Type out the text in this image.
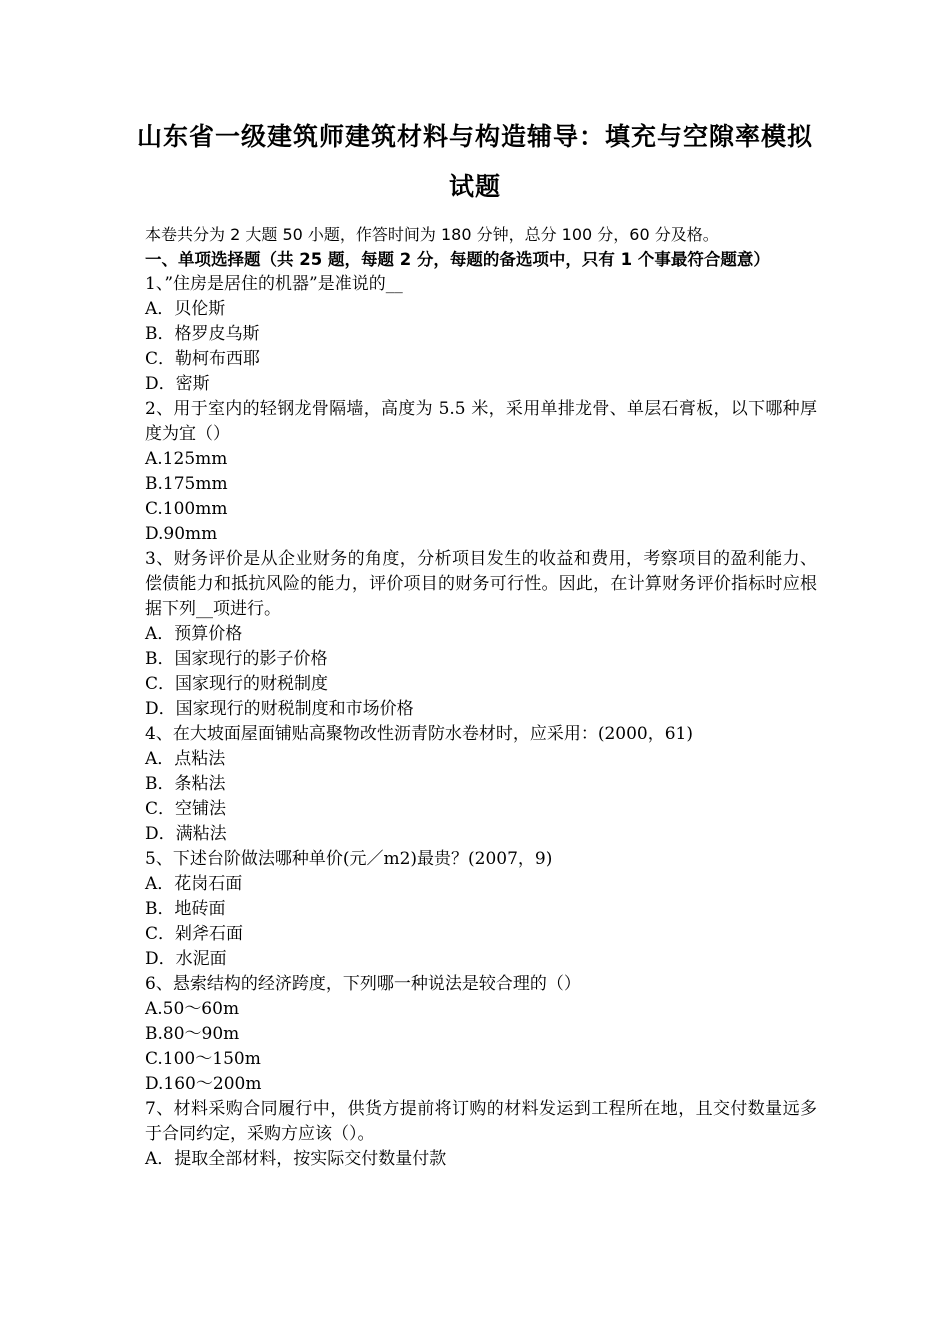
山东省一级建筑师建筑材料与构造辅导：填充与空隙率模拟
试题
本卷共分为 2 大题 50 小题，作答时间为 180 分钟，总分 100 分，60 分及格。
一、单项选择题（共 25 题，每题 2 分，每题的备选项中，只有 1 个事最符合题意）

1、”住房是居住的机器”是准说的__

A．贝伦斯

B．格罗皮乌斯

C．勒柯布西耶

D．密斯

2、用于室内的轻钢龙骨隔墙，高度为 5.5 米，采用单排龙骨、单层石膏板，以下哪种厚度为宜（）

A.125mm

B.175mm

C.100mm

D.90mm

3、财务评价是从企业财务的角度，分析项目发生的收益和费用，考察项目的盈利能力、偿债能力和抵抗风险的能力，评价项目的财务可行性。因此，在计算财务评价指标时应根据下列__项进行。

A．预算价格

B．国家现行的影子价格

C．国家现行的财税制度

D．国家现行的财税制度和市场价格

4、在大坡面屋面铺贴高聚物改性沥青防水卷材时，应采用：(2000，61)

A．点粘法

B．条粘法

C．空铺法

D．满粘法

5、下述台阶做法哪种单价(元／m2)最贵？(2007，9)

A．花岗石面

B．地砖面

C．剁斧石面

D．水泥面

6、悬索结构的经济跨度，下列哪一种说法是较合理的（）

A.50～60m

B.80～90m

C.100～150m

D.160～200m

7、材料采购合同履行中，供货方提前将订购的材料发运到工程所在地，且交付数量远多于合同约定，采购方应该（）。

A．提取全部材料，按实际交付数量付款
